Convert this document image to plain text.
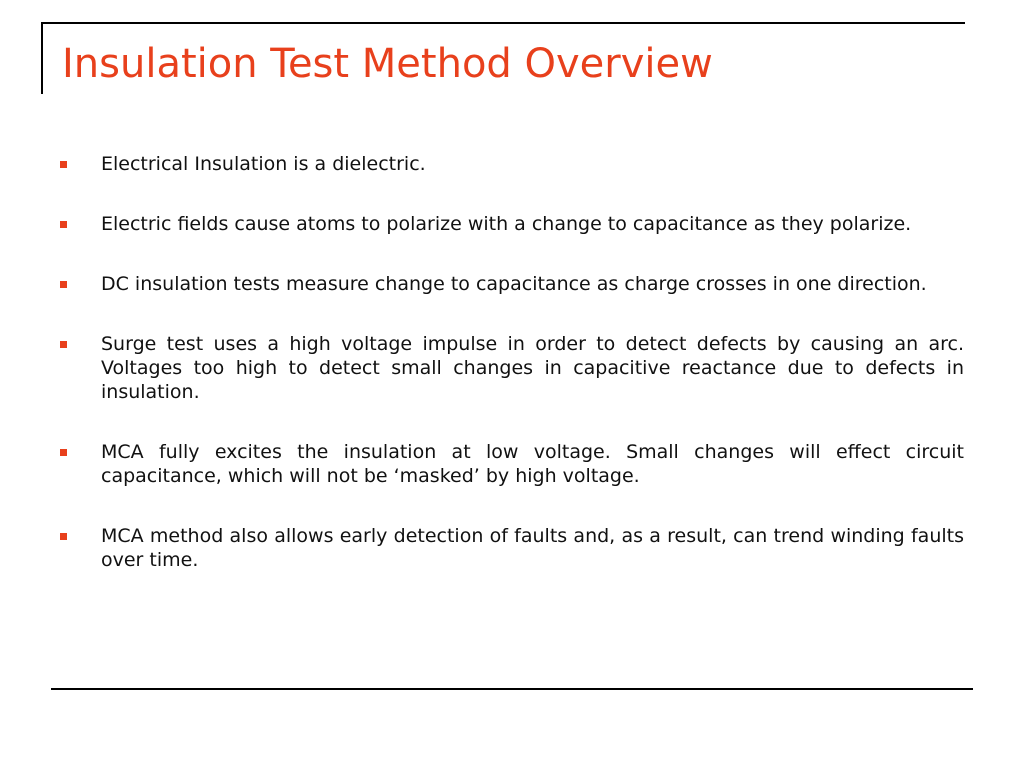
Insulation Test Method Overview
Electrical Insulation is a dielectric.
Electric fields cause atoms to polarize with a change to capacitance as they polarize.
DC insulation tests measure change to capacitance as charge crosses in one direction.
Surge test uses a high voltage impulse in order to detect defects by causing an arc. Voltages too high to detect small changes in capacitive reactance due to defects in insulation.
MCA fully excites the insulation at low voltage. Small changes will effect circuit capacitance, which will not be ‘masked’ by high voltage.
MCA method also allows early detection of faults and, as a result, can trend winding faults over time.
